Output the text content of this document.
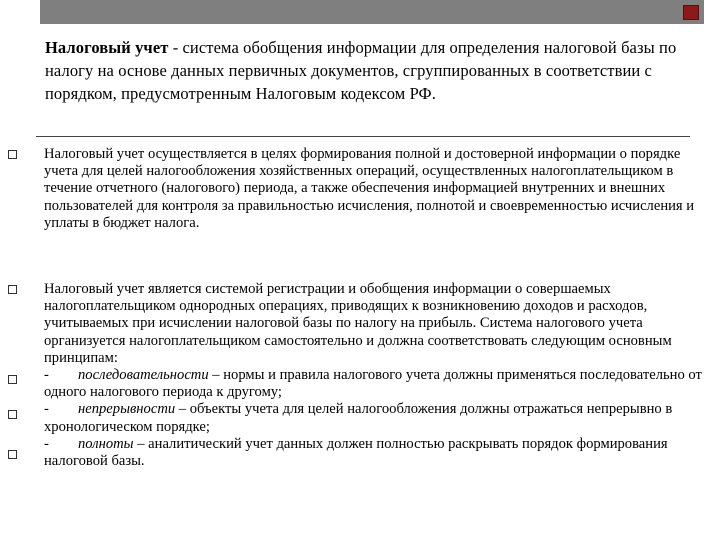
Налоговый учет - система обобщения информации для определения налоговой базы по налогу на основе данных первичных документов, сгруппированных в соответствии с порядком, предусмотренным Налоговым кодексом РФ.
Налоговый учет осуществляется в целях формирования полной и достоверной информации о порядке учета для целей налогообложения хозяйственных операций, осуществленных налогоплательщиком в течение отчетного (налогового) периода, а также обеспечения информацией внутренних и внешних пользователей для контроля за правильностью исчисления, полнотой и своевременностью исчисления и уплаты в бюджет налога.
Налоговый учет является системой регистрации и обобщения информации о совершаемых налогоплательщиком однородных операциях, приводящих к возникновению доходов и расходов, учитываемых при исчислении налоговой базы по налогу на прибыль. Система налогового учета организуется налогоплательщиком самостоятельно и должна соответствовать следующим основным принципам:
- последовательности – нормы и правила налогового учета должны применяться последовательно от одного налогового периода к другому;
- непрерывности – объекты учета для целей налогообложения должны отражаться непрерывно в хронологическом порядке;
- полноты – аналитический учет данных должен полностью раскрывать порядок формирования налоговой базы.
